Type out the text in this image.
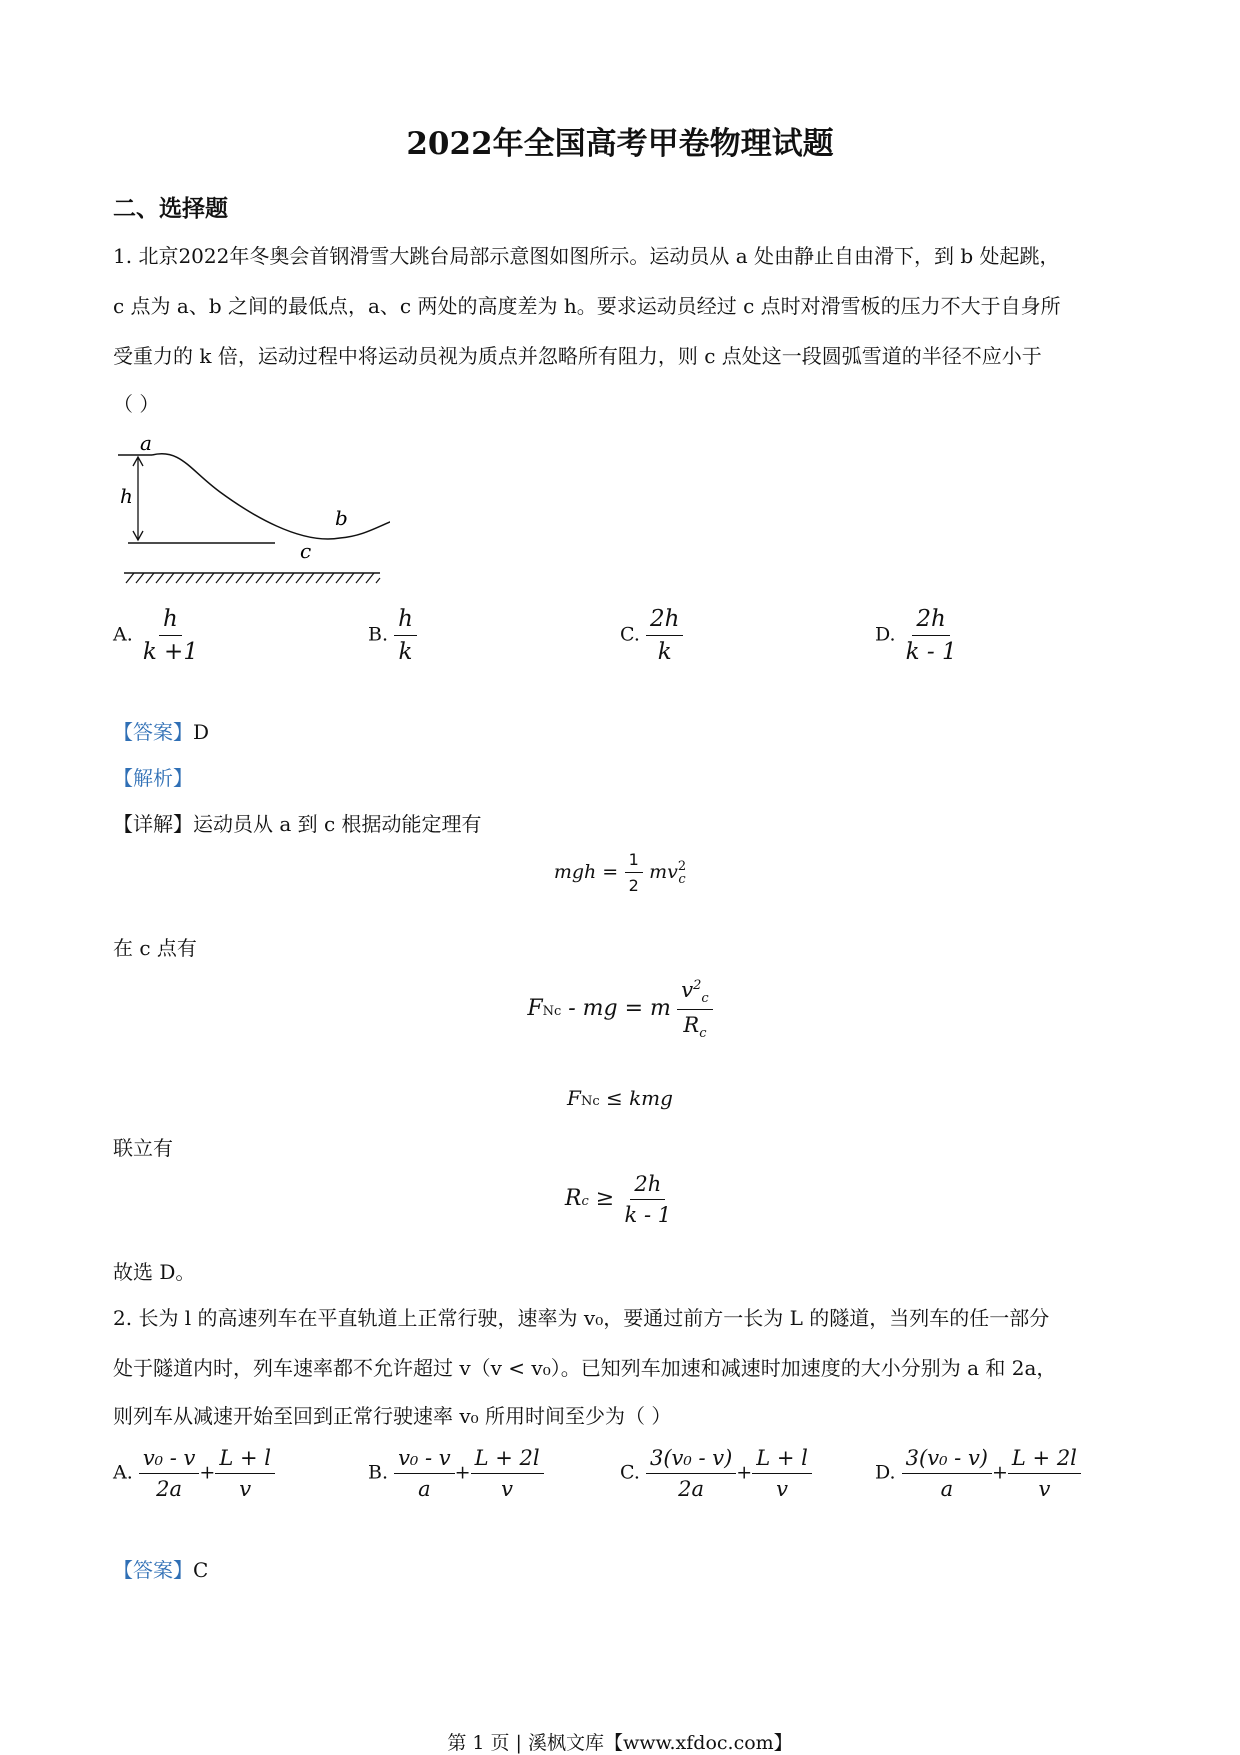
2022年全国高考甲卷物理试题
二、选择题
1. 北京2022年冬奥会首钢滑雪大跳台局部示意图如图所示。运动员从 a 处由静止自由滑下，到 b 处起跳，
c 点为 a、b 之间的最低点，a、c 两处的高度差为 h。要求运动员经过 c 点时对滑雪板的压力不大于自身所
受重力的 k 倍，运动过程中将运动员视为质点并忽略所有阻力，则 c 点处这一段圆弧雪道的半径不应小于
（ ）
a
h
b
c
A. $\frac{h}{k +1}$	B. $\frac{h}{k}$	C. $\frac{2h}{k}$	D. $\frac{2h}{k - 1}$
【答案】D
【解析】
【详解】运动员从 a 到 c 根据动能定理有
mgh = $\frac{1}{2}$ mv 2
c
在 c 点有
FNc - mg = m $\frac{v^2_c}{R_c}$
FNc ≤ kmg
联立有
$Rc \ge \frac{2h}{k - 1}$
故选 D。
2. 长为 l 的高速列车在平直轨道上正常行驶，速率为 v₀，要通过前方一长为 L 的隧道，当列车的任一部分
处于隧道内时，列车速率都不允许超过 v（v < v₀）。已知列车加速和减速时加速度的大小分别为 a 和 2a，
则列车从减速开始至回到正常行驶速率 v₀ 所用时间至少为（ ）
A. $\frac{\text{v₀ - v}}{2a} + \frac{L + l}{v}$	B. $\frac{\text{v₀ - v}}{a} + \frac{L + 2l}{v}$	C. $\frac{\text{3(v₀ - v)}}{2a} + \frac{L + l}{v}$	D. $\frac{\text{3(v₀ - v)}}{a} + \frac{L + 2l}{v}$
【答案】C
第 1 页 | 溪枫文库【www.xfdoc.com】
